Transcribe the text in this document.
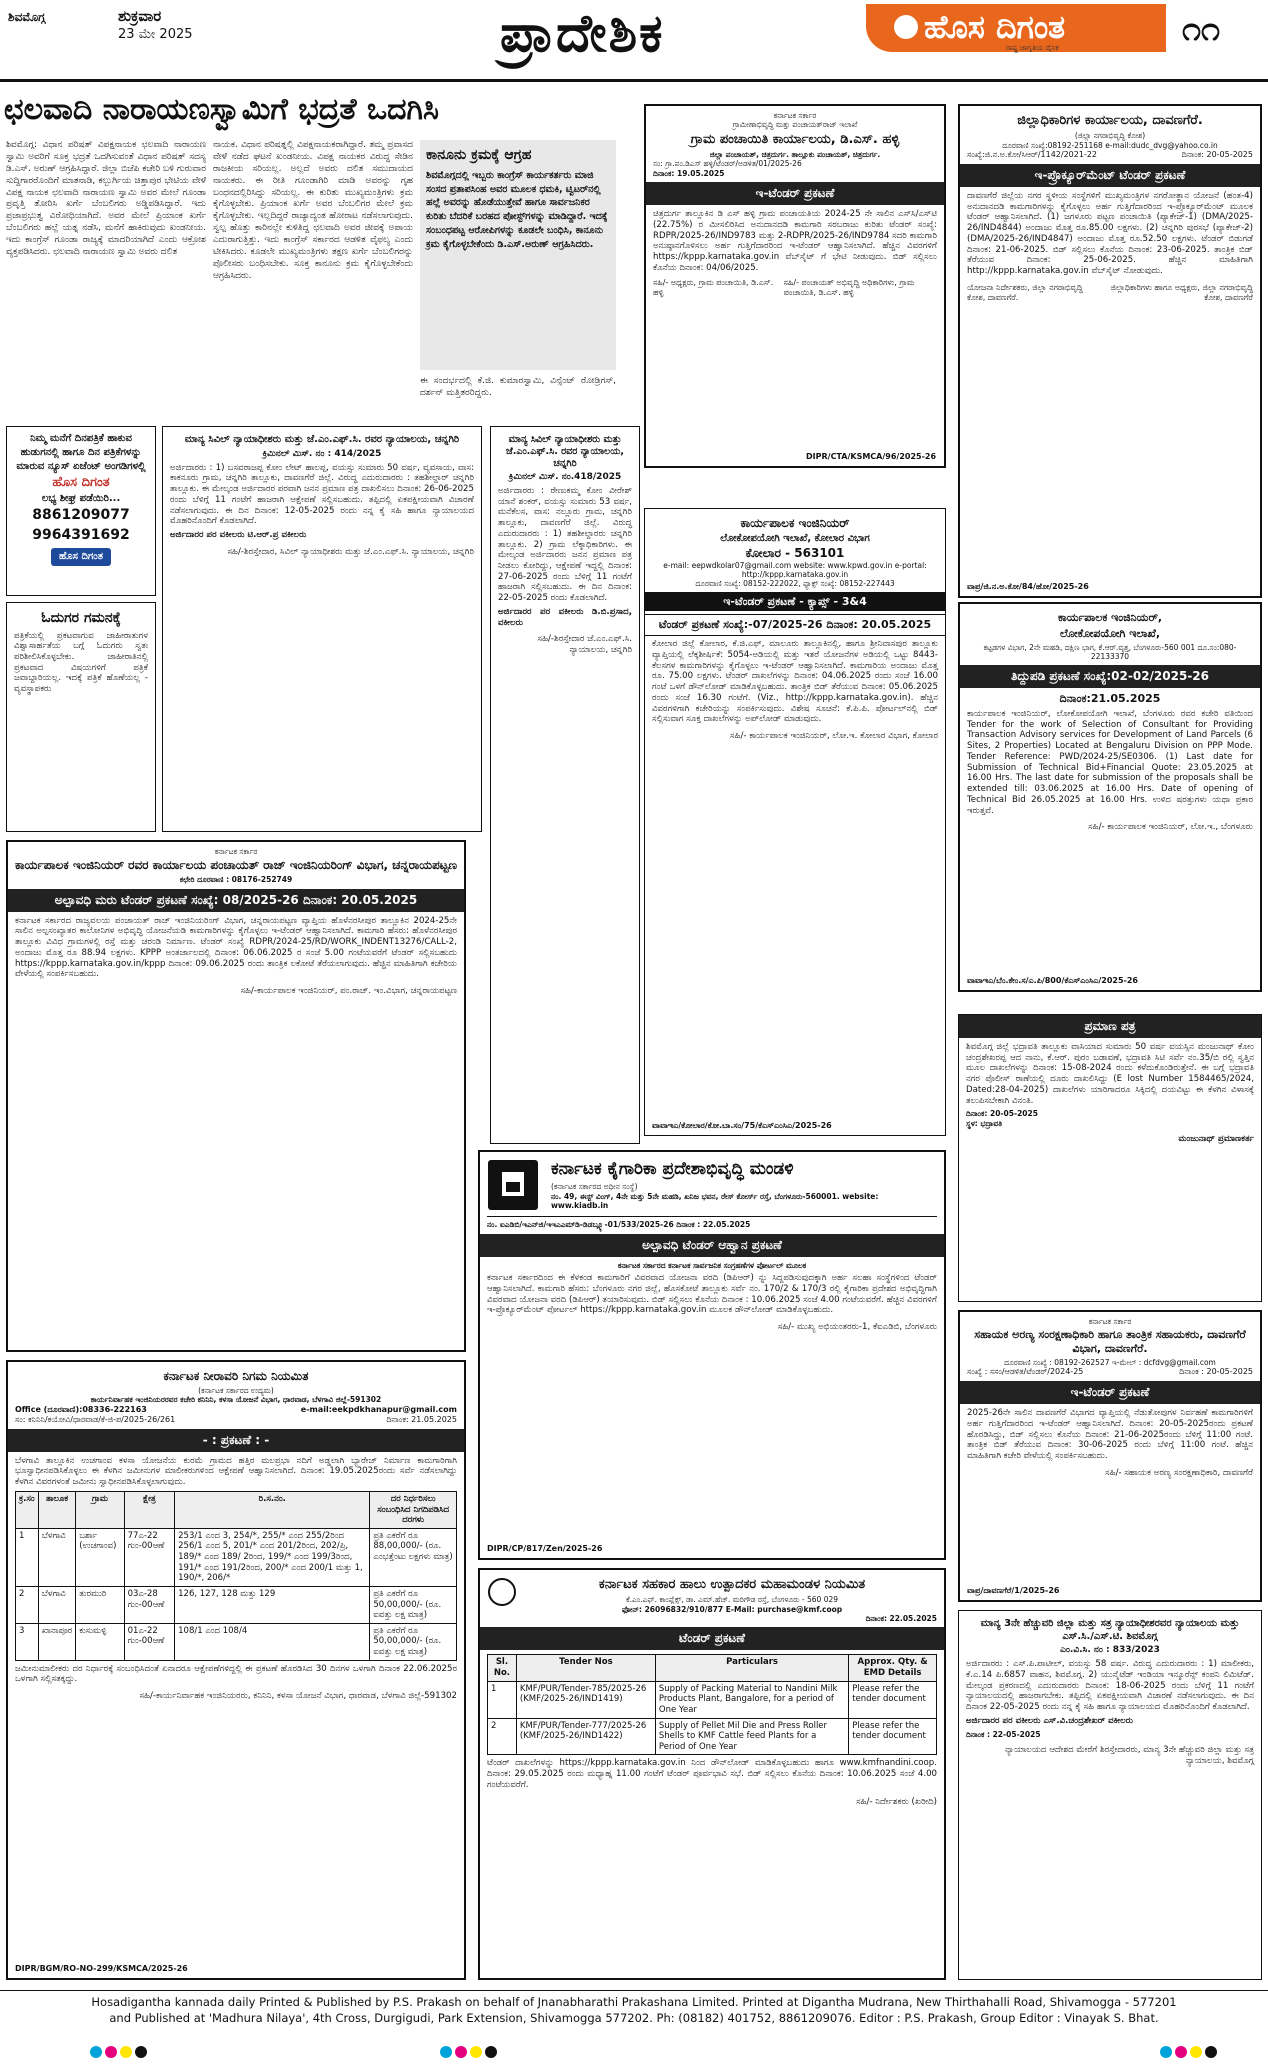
ಶಿವಮೊಗ್ಗ	ಶುಕ್ರವಾರ
23 ಮೇ 2025	ಪ್ರಾದೇಶಿಕ	ಹೊಸ ದಿಗಂತ
ರಾಷ್ಟ್ರ ಜಾಗೃತಿಯ ದೈನಿಕ	೧೧
ಛಲವಾದಿ ನಾರಾಯಣಸ್ವಾಮಿಗೆ ಭದ್ರತೆ ಒದಗಿಸಿ
ಶಿವಮೊಗ್ಗ: ವಿಧಾನ ಪರಿಷತ್ ವಿಪಕ್ಷನಾಯಕ ಛಲವಾದಿ ನಾರಾಯಣ ಸ್ವಾಮಿ ಅವರಿಗೆ ಸೂಕ್ತ ಭದ್ರತೆ ಒದಗಿಸುವಂತೆ ವಿಧಾನ ಪರಿಷತ್ ಸದಸ್ಯ ಡಿ.ಎಸ್. ಅರುಣ್ ಆಗ್ರಹಿಸಿದ್ದಾರೆ. ಜಿಲ್ಲಾ ಬಿಜೆಪಿ ಕಚೇರಿ ಬಳಿ ಗುರುವಾರ ಸುದ್ದಿಗಾರರೊಂದಿಗೆ ಮಾತನಾಡಿ, ಕಲ್ಬುರ್ಗಿಯ ಚಿತ್ತಾಪುರ ಭೇಟಿಯ ವೇಳೆ ವಿಪಕ್ಷ ನಾಯಕ ಛಲವಾದಿ ನಾರಾಯಣ ಸ್ವಾಮಿ ಅವರ ಮೇಲೆ ಗೂಂಡಾ ಪ್ರವೃತ್ತಿ ತೋರಿಸಿ ಖರ್ಗೆ ಬೆಂಬಲಿಗರು ಅಡ್ಡಿಪಡಿಸಿದ್ದಾರೆ. ಇದು ಪ್ರಜಾಪ್ರಭುತ್ವ ವಿರೋಧಿಯಾಗಿದೆ. ಅವರ ಮೇಲೆ ಪ್ರಿಯಾಂಕ ಖರ್ಗೆ ಬೆಂಬಲಿಗರು ಹಲ್ಲೆ ಯತ್ನ ನಡೆಸಿ, ಮನೆಗೆ ಹಾಕಿರುವುದು ಖಂಡನೀಯ. ಇದು ಕಾಂಗ್ರೆಸ್ ಗೂಂಡಾ ರಾಜ್ಯಕ್ಕೆ ಮಾದರಿಯಾಗಿದೆ ಎಂದು ಆಕ್ರೋಶ ವ್ಯಕ್ತಪಡಿಸಿದರು. ಛಲವಾದಿ ನಾರಾಯಣ ಸ್ವಾಮಿ ಅವರು ದಲಿತ
ನಾಯಕ. ವಿಧಾನ ಪರಿಷತ್ನಲ್ಲಿ ವಿಪಕ್ಷನಾಯಕರಾಗಿದ್ದಾರೆ. ತಮ್ಮ ಪ್ರವಾಸದ ವೇಳೆ ನಡೆದ ಘಟನೆ ಖಂಡನೀಯ. ವಿಪಕ್ಷ ನಾಯಕರ ವಿರುದ್ಧ ಸೇಡಿನ ರಾಜಕೀಯ ಸರಿಯಲ್ಲ. ಅಲ್ಲದೆ ಅವರು ದಲಿತ ಸಮುದಾಯದ ನಾಯಕರು. ಈ ರೀತಿ ಗೂಂಡಾಗಿರಿ ಮಾಡಿ ಅವರನ್ನು ಗೃಹ ಬಂಧನದಲ್ಲಿರಿಸಿದ್ದು ಸರಿಯಲ್ಲ. ಈ ಕುರಿತು ಮುಖ್ಯಮಂತ್ರಿಗಳು ಕ್ರಮ ಕೈಗೊಳ್ಳಬೇಕು. ಪ್ರಿಯಾಂಕ ಖರ್ಗೆ ಅವರ ಬೆಂಬಲಿಗರ ಮೇಲೆ ಕ್ರಮ ಕೈಗೊಳ್ಳಬೇಕು. ಇಲ್ಲದಿದ್ದರೆ ರಾಜ್ಯಾದ್ಯಂತ ಹೋರಾಟ ನಡೆಸಲಾಗುವುದು. ಸ್ವಲ್ಪ ಹೊತ್ತು ಕಾರಿನಲ್ಲೇ ಕುಳಿತಿದ್ದ ಛಲವಾದಿ ಅವರ ಜೀವಕ್ಕೆ ಅಪಾಯ ಎದುರಾಗುತ್ತಿತ್ತು. ಇದು ಕಾಂಗ್ರೆಸ್ ಸರ್ಕಾರದ ಆಡಳಿತ ವೈಫಲ್ಯ ಎಂದು ಟೀಕಿಸಿದರು. ಕೂಡಲೇ ಮುಖ್ಯಮಂತ್ರಿಗಳು ತಕ್ಷಣ ಖರ್ಗೆ ಬೆಂಬಲಿಗರನ್ನು ಪೊಲೀಸರು ಬಂಧಿಸಬೇಕು. ಸೂಕ್ತ ಕಾನೂನು ಕ್ರಮ ಕೈಗೊಳ್ಳಬೇಕೆಂದು ಆಗ್ರಹಿಸಿದರು.
ಕಾನೂನು ಕ್ರಮಕ್ಕೆ ಆಗ್ರಹ
ಶಿವಮೊಗ್ಗದಲ್ಲಿ ಇಬ್ಬರು ಕಾಂಗ್ರೆಸ್ ಕಾರ್ಯಕರ್ತರು ಮಾಜಿ ಸಂಸದ ಪ್ರತಾಪಸಿಂಹ ಅವರ ಮೂಲಕ ಧಮಕಿ, ಟ್ವಿಟರ್‌ನಲ್ಲಿ ಹಲ್ಲೆ ಅವರನ್ನು ಹೊಡೆಯುತ್ತೇವೆ ಹಾಗೂ ಸಾರ್ವಜನಿಕರ ಕುರಿತು ಬೆದರಿಕೆ ಬರಹದ ಪೋಸ್ಟ್‌ಗಳನ್ನು ಮಾಡಿದ್ದಾರೆ. ಇದಕ್ಕೆ ಸಂಬಂಧಪಟ್ಟ ಆರೋಪಿಗಳನ್ನು ಕೂಡಲೇ ಬಂಧಿಸಿ, ಕಾನೂನು ಕ್ರಮ ಕೈಗೊಳ್ಳಬೇಕೆಂದು ಡಿ.ಎಸ್.ಅರುಣ್ ಆಗ್ರಹಿಸಿದರು.
ಈ ಸಂದರ್ಭದಲ್ಲಿ ಕೆ.ಜಿ. ಕುಮಾರಸ್ವಾಮಿ, ವಿನ್ಸೆಂಟ್ ರೋಡ್ರಿಗಸ್, ದರ್ಶನ್ ಮತ್ತಿತರರಿದ್ದರು.
ನಿಮ್ಮ ಮನೆಗೆ ದಿನಪತ್ರಿಕೆ ಹಾಕುವ ಹುಡುಗನಲ್ಲಿ ಹಾಗೂ ದಿನ ಪತ್ರಿಕೆಗಳನ್ನು ಮಾರುವ ನ್ಯೂಸ್ ಏಜೆಂಟ್ ಅಂಗಡಿಗಳಲ್ಲಿ
ಹೊಸ ದಿಗಂತ
ಲಭ್ಯ ಶೀಘ್ರ ಪಡೆಯಿರಿ...
8861209077
9964391692
ಹೊಸ ದಿಗಂತ
ಓದುಗರ ಗಮನಕ್ಕೆ
ಪತ್ರಿಕೆಯಲ್ಲಿ ಪ್ರಕಟವಾಗುವ ಜಾಹೀರಾತುಗಳ ವಿಶ್ವಾಸಾರ್ಹತೆಯ ಬಗ್ಗೆ ಓದುಗರು ಸ್ವತಃ ಪರಿಶೀಲಿಸಿಕೊಳ್ಳಬೇಕು. ಜಾಹೀರಾತಿನಲ್ಲಿ ಪ್ರಕಟವಾದ ವಿಷಯಗಳಿಗೆ ಪತ್ರಿಕೆ ಜವಾಬ್ದಾರಿಯಲ್ಲ. ಇದಕ್ಕೆ ಪತ್ರಿಕೆ ಹೊಣೆಯಲ್ಲ - ವ್ಯವಸ್ಥಾಪಕರು
ಮಾನ್ಯ ಸಿವಿಲ್ ನ್ಯಾಯಾಧೀಶರು ಮತ್ತು ಜೆ.ಎಂ.ಎಫ್.ಸಿ. ರವರ ನ್ಯಾಯಾಲಯ, ಚನ್ನಗಿರಿ
ಕ್ರಿಮಿನಲ್ ಮಿಸ್. ನಂ : 414/2025
ಅರ್ಜಿದಾರರು : 1) ಬಸವರಾಜಪ್ಪ ಕೋಂ ಲೇಟ್ ಹಾಲಪ್ಪ, ವಯಸ್ಸು ಸುಮಾರು 50 ವರ್ಷ, ವ್ಯವಸಾಯ, ವಾಸ: ಕಾಕನೂರು ಗ್ರಾಮ, ಚನ್ನಗಿರಿ ತಾಲ್ಲೂಕು, ದಾವಣಗೆರೆ ಜಿಲ್ಲೆ. ವಿರುದ್ಧ ಎದುರುದಾರರು : ತಹಶೀಲ್ದಾರ್ ಚನ್ನಗಿರಿ ತಾಲ್ಲೂಕು. ಈ ಮೇಲ್ಕಂಡ ಅರ್ಜಿದಾರರ ಪರವಾಗಿ ಜನನ ಪ್ರಮಾಣ ಪತ್ರ ದಾಖಲಿಸಲು ದಿನಾಂಕ: 26-06-2025 ರಂದು ಬೆಳಿಗ್ಗೆ 11 ಗಂಟೆಗೆ ಹಾಜರಾಗಿ ಆಕ್ಷೇಪಣೆ ಸಲ್ಲಿಸಬಹುದು. ತಪ್ಪಿದಲ್ಲಿ ಏಕಪಕ್ಷೀಯವಾಗಿ ವಿಚಾರಣೆ ನಡೆಸಲಾಗುವುದು. ಈ ದಿನ ದಿನಾಂಕ: 12-05-2025 ರಂದು ನನ್ನ ಕೈ ಸಹಿ ಹಾಗೂ ನ್ಯಾಯಾಲಯದ ಮೊಹರಿನೊಂದಿಗೆ ಕೊಡಲಾಗಿದೆ.
ಅರ್ಜಿದಾರರ ಪರ ವಕೀಲರು ಟಿ.ಆರ್.ಪ್ರ ವಕೀಲರು
ಸಹಿ/-ಶಿರಸ್ತೇದಾರ, ಸಿವಿಲ್ ನ್ಯಾಯಾಧೀಶರು ಮತ್ತು ಜೆ.ಎಂ.ಎಫ್.ಸಿ. ನ್ಯಾಯಾಲಯ, ಚನ್ನಗಿರಿ
ಮಾನ್ಯ ಸಿವಿಲ್ ನ್ಯಾಯಾಧೀಶರು ಮತ್ತು ಜೆ.ಎಂ.ಎಫ್.ಸಿ. ರವರ ನ್ಯಾಯಾಲಯ, ಚನ್ನಗಿರಿ
ಕ್ರಿಮಿನಲ್ ಮಿಸ್. ನಂ.418/2025
ಅರ್ಜಿದಾರರು : ರೇಣುಕಮ್ಮ ಕೋಂ ವೀರೇಶ್ ಯಾನೆ ಶಂಕರ್, ವಯಸ್ಸು ಸುಮಾರು 53 ವರ್ಷ, ಮನೆಕೆಲಸ, ವಾಸ: ನಲ್ಲೂರು ಗ್ರಾಮ, ಚನ್ನಗಿರಿ ತಾಲ್ಲೂಕು, ದಾವಣಗೆರೆ ಜಿಲ್ಲೆ. ವಿರುದ್ಧ ಎದುರುದಾರರು : 1) ತಹಶೀಲ್ದಾರರು ಚನ್ನಗಿರಿ ತಾಲ್ಲೂಕು. 2) ಗ್ರಾಮ ಲೆಕ್ಕಾಧಿಕಾರಿಗಳು. ಈ ಮೇಲ್ಕಂಡ ಅರ್ಜಿದಾರರು ಜನನ ಪ್ರಮಾಣ ಪತ್ರ ನೀಡಲು ಕೋರಿದ್ದು, ಆಕ್ಷೇಪಣೆ ಇದ್ದಲ್ಲಿ ದಿನಾಂಕ: 27-06-2025 ರಂದು ಬೆಳಿಗ್ಗೆ 11 ಗಂಟೆಗೆ ಹಾಜರಾಗಿ ಸಲ್ಲಿಸಬಹುದು. ಈ ದಿನ ದಿನಾಂಕ: 22-05-2025 ರಂದು ಕೊಡಲಾಗಿದೆ.
ಅರ್ಜಿದಾರರ ಪರ ವಕೀಲರು ಡಿ.ಬಿ.ಪ್ರಸಾದ, ವಕೀಲರು
ಸಹಿ/-ಶಿರಸ್ತೇದಾರ ಜೆ.ಎಂ.ಎಫ್.ಸಿ. ನ್ಯಾಯಾಲಯ, ಚನ್ನಗಿರಿ
ಕರ್ನಾಟಕ ಸರ್ಕಾರ
ಗ್ರಾಮೀಣಾಭಿವೃದ್ಧಿ ಮತ್ತು ಪಂಚಾಯತ್‌ರಾಜ್ ಇಲಾಖೆ
ಗ್ರಾಮ ಪಂಚಾಯಿತಿ ಕಾರ್ಯಾಲಯ, ಡಿ.ಎಸ್. ಹಳ್ಳಿ
ಜಿಲ್ಲಾ ಪಂಚಾಯತ್, ಚಿತ್ರದುರ್ಗ. ತಾಲ್ಲೂಕು ಪಂಚಾಯತ್, ಚಿತ್ರದುರ್ಗ.
ಸಂ: ಗ್ರಾ.ಪಂ.ಡಿಎಸ್ ಹಳ್ಳಿ/ಟೆಂಡರ್/ಅಡಳಿತ/01/2025-26
ದಿನಾಂಕ: 19.05.2025
ಇ-ಟೆಂಡರ್ ಪ್ರಕಟಣೆ
ಚಿತ್ರದುರ್ಗ ತಾಲ್ಲೂಕಿನ ಡಿ ಎಸ್ ಹಳ್ಳಿ ಗ್ರಾಮ ಪಂಚಾಯತಿಯ 2024-25 ನೇ ಸಾಲಿನ ಎಸ್‌ಸಿ/ಎಸ್‌ಟಿ (22.75%) ರ ಮೀಸಲಿರಿಸಿದ ಅನುದಾನದಡಿ ಕಾಮಗಾರಿ ಸರಬರಾಜು ಕುರಿತು ಟೆಂಡರ್ ಸಂಖ್ಯೆ: RDPR/2025-26/IND9783 ಮತ್ತು 2-RDPR/2025-26/IND9784 ಸದರಿ ಕಾಮಗಾರಿ ಅನುಷ್ಠಾನಗೊಳಿಸಲು ಅರ್ಹ ಗುತ್ತಿಗೆದಾರರಿಂದ ಇ-ಟೆಂಡರ್ ಆಹ್ವಾನಿಸಲಾಗಿದೆ. ಹೆಚ್ಚಿನ ವಿವರಗಳಿಗೆ https://kppp.karnataka.gov.in ವೆಬ್‌ಸೈಟ್ ಗೆ ಭೇಟಿ ನೀಡುವುದು. ಬಿಡ್ ಸಲ್ಲಿಸಲು ಕೊನೆಯ ದಿನಾಂಕ: 04/06/2025.
ಸಹಿ/- ಅಧ್ಯಕ್ಷರು, ಗ್ರಾಮ ಪಂಚಾಯಿತಿ, ಡಿ.ಎಸ್. ಹಳ್ಳಿ
ಸಹಿ/- ಪಂಚಾಯತ್ ಅಭಿವೃದ್ಧಿ ಅಧಿಕಾರಿಗಳು, ಗ್ರಾಮ ಪಂಚಾಯಿತಿ, ಡಿ.ಎಸ್. ಹಳ್ಳಿ
DIPR/CTA/KSMCA/96/2025-26
ಜಿಲ್ಲಾಧಿಕಾರಿಗಳ ಕಾರ್ಯಾಲಯ, ದಾವಣಗೆರೆ.
(ಜಿಲ್ಲಾ ನಗರಾಭಿವೃದ್ಧಿ ಕೋಶ)
ದೂರವಾಣಿ ಸಂಖ್ಯೆ:08192-251168 e-mail:dudc_dvg@yahoo.co.in
ಸಂಖ್ಯೆ:ಜಿ.ನ.ಅ.ಕೋ/ಸಿಆರ್/1142/2021-22	ದಿನಾಂಕ: 20-05-2025
ಇ-ಪ್ರೊಕ್ಯೂರ್‌ಮೆಂಟ್ ಟೆಂಡರ್ ಪ್ರಕಟಣೆ
ದಾವಣಗೆರೆ ಜಿಲ್ಲೆಯ ನಗರ ಸ್ಥಳೀಯ ಸಂಸ್ಥೆಗಳಿಗೆ ಮುಖ್ಯಮಂತ್ರಿಗಳ ನಗರೋತ್ಥಾನ ಯೋಜನೆ (ಹಂತ-4) ಅನುದಾನದಡಿ ಕಾಮಗಾರಿಗಳನ್ನು ಕೈಗೊಳ್ಳಲು ಅರ್ಹ ಗುತ್ತಿಗೆದಾರರಿಂದ ಇ-ಪ್ರೊಕ್ಯೂರ್‌ಮೆಂಟ್ ಮೂಲಕ ಟೆಂಡರ್ ಆಹ್ವಾನಿಸಲಾಗಿದೆ. (1) ಜಗಳೂರು ಪಟ್ಟಣ ಪಂಚಾಯಿತಿ (ಪ್ಯಾಕೇಜ್-1) (DMA/2025-26/IND4844) ಅಂದಾಜು ಮೊತ್ತ ರೂ.85.00 ಲಕ್ಷಗಳು. (2) ಚನ್ನಗಿರಿ ಪುರಸಭೆ (ಪ್ಯಾಕೇಜ್-2) (DMA/2025-26/IND4847) ಅಂದಾಜು ಮೊತ್ತ ರೂ.52.50 ಲಕ್ಷಗಳು. ಟೆಂಡರ್ ಬಿಡುಗಡೆ ದಿನಾಂಕ: 21-06-2025. ಬಿಡ್ ಸಲ್ಲಿಸಲು ಕೊನೆಯ ದಿನಾಂಕ: 23-06-2025. ತಾಂತ್ರಿಕ ಬಿಡ್ ತೆರೆಯುವ ದಿನಾಂಕ: 25-06-2025. ಹೆಚ್ಚಿನ ಮಾಹಿತಿಗಾಗಿ http://kppp.karnataka.gov.in ವೆಬ್‌ಸೈಟ್ ನೋಡುವುದು.
ಯೋಜನಾ ನಿರ್ದೇಶಕರು, ಜಿಲ್ಲಾ ನಗರಾಭಿವೃದ್ಧಿ ಕೋಶ, ದಾವಣಗೆರೆ.
ಜಿಲ್ಲಾಧಿಕಾರಿಗಳು ಹಾಗೂ ಅಧ್ಯಕ್ಷರು, ಜಿಲ್ಲಾ ನಗರಾಭಿವೃದ್ಧಿ ಕೋಶ, ದಾವಣಗೆರೆ
ವಾಪ್ರ/ಜಿ.ನ.ಅ.ಕೋ/84/ಹೋ/2025-26
ಕಾರ್ಯಪಾಲಕ ಇಂಜಿನಿಯರ್
ಲೋಕೋಪಯೋಗಿ ಇಲಾಖೆ, ಕೋಲಾರ ವಿಭಾಗ
ಕೋಲಾರ - 563101
e-mail: eepwdkolar07@gmail.com website: www.kpwd.gov.in e-portal: http://kppp.karnataka.gov.in
ದೂರವಾಣಿ ಸಂಖ್ಯೆ: 08152-222022, ಫ್ಯಾಕ್ಸ್ ಸಂಖ್ಯೆ: 08152-227443
ಇ-ಟೆಂಡರ್ ಪ್ರಕಟಣೆ - ಕ್ಯಾಪ್ಸ್ - 3&4
ಟೆಂಡರ್ ಪ್ರಕಟಣೆ ಸಂಖ್ಯೆ:-07/2025-26 ದಿನಾಂಕ: 20.05.2025
ಕೋಲಾರ ಜಿಲ್ಲೆ ಕೋಲಾರ, ಕೆ.ಜಿ.ಎಫ್, ಮಾಲೂರು ತಾಲ್ಲೂಕಿನಲ್ಲಿ, ಹಾಗೂ ಶ್ರೀನಿವಾಸಪುರ ತಾಲ್ಲೂಕು ವ್ಯಾಪ್ತಿಯಲ್ಲಿ ಲೆಕ್ಕಶೀರ್ಷಿಕೆ: 5054-ಅಡಿಯಲ್ಲಿ ಮತ್ತು ಇತರೆ ಯೋಜನೆಗಳ ಅಡಿಯಲ್ಲಿ ಒಟ್ಟು 8443- ಕೆಲಸಗಳ ಕಾಮಗಾರಿಗಳನ್ನು ಕೈಗೊಳ್ಳಲು ಇ-ಟೆಂಡರ್ ಆಹ್ವಾನಿಸಲಾಗಿದೆ. ಕಾಮಗಾರಿಯ ಅಂದಾಜು ಮೊತ್ತ ರೂ. 75.00 ಲಕ್ಷಗಳು. ಟೆಂಡರ್ ದಾಖಲೆಗಳನ್ನು ದಿನಾಂಕ: 04.06.2025 ರಂದು ಸಂಜೆ 16.00 ಗಂಟೆ ಒಳಗೆ ಡೌನ್‌ಲೋಡ್ ಮಾಡಿಕೊಳ್ಳಬಹುದು. ತಾಂತ್ರಿಕ ಬಿಡ್ ತೆರೆಯುವ ದಿನಾಂಕ: 05.06.2025 ರಂದು ಸಂಜೆ 16.30 ಗಂಟೆಗೆ. (Viz., http://kppp.karnataka.gov.in). ಹೆಚ್ಚಿನ ವಿವರಗಳಿಗಾಗಿ ಕಚೇರಿಯನ್ನು ಸಂಪರ್ಕಿಸುವುದು. ವಿಶೇಷ ಸೂಚನೆ: ಕೆ.ಪಿ.ಪಿ. ಪೋರ್ಟಲ್‌ನಲ್ಲಿ ಬಿಡ್ ಸಲ್ಲಿಸುವಾಗ ಸೂಕ್ತ ದಾಖಲೆಗಳನ್ನು ಅಪ್‌ಲೋಡ್ ಮಾಡುವುದು.
ಸಹಿ/- ಕಾರ್ಯಪಾಲಕ ಇಂಜಿನಿಯರ್, ಲೋ.ಇ. ಕೋಲಾರ ವಿಭಾಗ, ಕೋಲಾರ
ವಾವಾಇಎ/ಕೋಲಾರ/ಕೋ.ಬಾ.ಸಂ/75/ಕೆಎಸ್ಎಂಸಿಎ/2025-26
ಕಾರ್ಯಪಾಲಕ ಇಂಜಿನಿಯರ್,
ಲೋಕೋಪಯೋಗಿ ಇಲಾಖೆ,
ಕಟ್ಟಡಗಳ ವಿಭಾಗ, 2ನೇ ಮಹಡಿ, ದಕ್ಷಿಣ ಭಾಗ, ಕೆ.ಆರ್.ವೃತ್ತ, ಬೆಂಗಳೂರು-560 001 ದೂ.ಸಂ:080-22133370
ತಿದ್ದುಪಡಿ ಪ್ರಕಟಣೆ ಸಂಖ್ಯೆ:02-02/2025-26
ದಿನಾಂಕ:21.05.2025
ಕಾರ್ಯಪಾಲಕ ಇಂಜಿನಿಯರ್, ಲೋಕೋಪಯೋಗಿ ಇಲಾಖೆ, ಬೆಂಗಳೂರು ರವರ ಕಚೇರಿ ವತಿಯಿಂದ Tender for the work of Selection of Consultant for Providing Transaction Advisory services for Development of Land Parcels (6 Sites, 2 Properties) Located at Bengaluru Division on PPP Mode. Tender Reference: PWD/2024-25/SE0306. (1) Last date for Submission of Technical Bid+Financial Quote: 23.05.2025 at 16.00 Hrs. The last date for submission of the proposals shall be extended till: 03.06.2025 at 16.00 Hrs. Date of opening of Technical Bid 26.05.2025 at 16.00 Hrs. ಉಳಿದ ಷರತ್ತುಗಳು ಯಥಾ ಪ್ರಕಾರ ಇರುತ್ತವೆ.
ಸಹಿ/- ಕಾರ್ಯಪಾಲಕ ಇಂಜಿನಿಯರ್, ಲೋ.ಇ., ಬೆಂಗಳೂರು
ವಾವಾಇಎ/ಬೆಂ.ಕೇಂ.ಸ/ಎ.ಪಿ/800/ಕೆಎಸ್ಎಂಸಿಎ/2025-26
ಪ್ರಮಾಣ ಪತ್ರ
ಶಿವಮೊಗ್ಗ ಜಿಲ್ಲೆ ಭದ್ರಾವತಿ ತಾಲ್ಲೂಕು ವಾಸಿಯಾದ ಸುಮಾರು 50 ವರ್ಷ ವಯಸ್ಸಿನ ಮಂಜುನಾಥ್ ಕೋಂ ಚಂದ್ರಶೇಖರಪ್ಪ ಆದ ನಾನು, ಕೆ.ಆರ್. ಪುರಂ ಬಡಾವಣೆ, ಭದ್ರಾವತಿ ಸಿಟಿ ಸರ್ವೆ ನಂ.35/ಬಿ ರಲ್ಲಿ ಸ್ವತ್ತಿನ ಮೂಲ ದಾಖಲೆಗಳನ್ನು ದಿನಾಂಕ: 15-08-2024 ರಂದು ಕಳೆದುಕೊಂಡಿರುತ್ತೇನೆ. ಈ ಬಗ್ಗೆ ಭದ್ರಾವತಿ ನಗರ ಪೊಲೀಸ್ ಠಾಣೆಯಲ್ಲಿ ದೂರು ದಾಖಲಿಸಿದ್ದು (E lost Number 1584465/2024, Dated:28-04-2025) ದಾಖಲೆಗಳು ಯಾರಿಗಾದರೂ ಸಿಕ್ಕಿದಲ್ಲಿ ದಯವಿಟ್ಟು ಈ ಕೆಳಗಿನ ವಿಳಾಸಕ್ಕೆ ತಲುಪಿಸಬೇಕಾಗಿ ವಿನಂತಿ.
ದಿನಾಂಕ: 20-05-2025
ಸ್ಥಳ: ಭದ್ರಾವತಿ
ಮಂಜುನಾಥ್ ಪ್ರಮಾಣಕರ್ತ
ಕರ್ನಾಟಕ ಸರ್ಕಾರ
ಕಾರ್ಯಪಾಲಕ ಇಂಜಿನಿಯರ್ ರವರ ಕಾರ್ಯಾಲಯ ಪಂಚಾಯತ್ ರಾಜ್ ಇಂಜಿನಿಯರಿಂಗ್ ವಿಭಾಗ, ಚನ್ನರಾಯಪಟ್ಟಣ
ಕಛೇರಿ ದೂರವಾಣಿ : 08176-252749
ಅಲ್ಪಾವಧಿ ಮರು ಟೆಂಡರ್ ಪ್ರಕಟಣೆ ಸಂಖ್ಯೆ: 08/2025-26 ದಿನಾಂಕ: 20.05.2025
ಕರ್ನಾಟಕ ಸರ್ಕಾರದ ರಾಜ್ಯವಲಯ ಪಂಚಾಯತ್ ರಾಜ್ ಇಂಜಿನಿಯರಿಂಗ್ ವಿಭಾಗ, ಚನ್ನರಾಯಪಟ್ಟಣ ವ್ಯಾಪ್ತಿಯ ಹೊಳೆನರಸೀಪುರ ತಾಲ್ಲೂಕಿನ 2024-25ನೇ ಸಾಲಿನ ಅಲ್ಪಸಂಖ್ಯಾತರ ಕಾಲೋನಿಗಳ ಅಭಿವೃದ್ಧಿ ಯೋಜನೆಯಡಿ ಕಾಮಗಾರಿಗಳನ್ನು ಕೈಗೊಳ್ಳಲು ಇ-ಟೆಂಡರ್ ಆಹ್ವಾನಿಸಲಾಗಿದೆ. ಕಾಮಗಾರಿ ಹೆಸರು: ಹೊಳೆನರಸೀಪುರ ತಾಲ್ಲೂಕು ವಿವಿಧ ಗ್ರಾಮಗಳಲ್ಲಿ ರಸ್ತೆ ಮತ್ತು ಚರಂಡಿ ನಿರ್ಮಾಣ. ಟೆಂಡರ್ ಸಂಖ್ಯೆ RDPR/2024-25/RD/WORK_INDENT13276/CALL-2, ಅಂದಾಜು ಮೊತ್ತ ರೂ 88.94 ಲಕ್ಷಗಳು. KPPP ಅಂತರ್ಜಾಲದಲ್ಲಿ ದಿನಾಂಕ: 06.06.2025 ರ ಸಂಜೆ 5.00 ಗಂಟೆಯವರೆಗೆ ಟೆಂಡರ್ ಸಲ್ಲಿಸಬಹುದು https://kppp.karnataka.gov.in/kppp ದಿನಾಂಕ: 09.06.2025 ರಂದು ತಾಂತ್ರಿಕ ಲಕೋಟೆ ತೆರೆಯಲಾಗುವುದು. ಹೆಚ್ಚಿನ ಮಾಹಿತಿಗಾಗಿ ಕಚೇರಿಯ ವೇಳೆಯಲ್ಲಿ ಸಂಪರ್ಕಿಸಬಹುದು.
ಸಹಿ/-ಕಾರ್ಯಪಾಲಕ ಇಂಜಿನಿಯರ್, ಪಂ.ರಾಜ್. ಇಂ.ವಿಭಾಗ, ಚನ್ನರಾಯಪಟ್ಟಣ
ಕರ್ನಾಟಕ ಕೈಗಾರಿಕಾ ಪ್ರದೇಶಾಭಿವೃದ್ಧಿ ಮಂಡಳಿ
(ಕರ್ನಾಟಕ ಸರ್ಕಾರದ ಅಧೀನ ಸಂಸ್ಥೆ)
ನಂ. 49, ಈಸ್ಟ್ ವಿಂಗ್, 4ನೇ ಮತ್ತು 5ನೇ ಮಹಡಿ, ಖನಿಜ ಭವನ, ರೇಸ್ ಕೋರ್ಸ್ ರಸ್ತೆ, ಬೆಂಗಳೂರು-560001. website: www.kiadb.in
ನಂ. ಐಎಡಿಬಿ/ಇಎನ್‌ಜಿ/ಇಇಎಎಮ್‌ಡಿ-ಡಿಡಬ್ಲ್ಯೂ-01/533/2025-26 ದಿನಾಂಕ : 22.05.2025
ಅಲ್ಪಾವಧಿ ಟೆಂಡರ್ ಆಹ್ವಾನ ಪ್ರಕಟಣೆ
ಕರ್ನಾಟಕ ಸರ್ಕಾರದ ಕರ್ನಾಟಕ ಸಾರ್ವಜನಿಕ ಸಂಗ್ರಹಣೆಗಳ ಪೋರ್ಟಲ್ ಮೂಲಕ
ಕರ್ನಾಟಕ ಸರ್ಕಾರದಿಂದ ಈ ಕೆಳಕಂಡ ಕಾಮಗಾರಿಗೆ ವಿವರವಾದ ಯೋಜನಾ ವರದಿ (ಡಿಪಿಆರ್) ನ್ನು ಸಿದ್ದಪಡಿಸುವುದಕ್ಕಾಗಿ ಅರ್ಹ ಸಲಹಾ ಸಂಸ್ಥೆಗಳಿಂದ ಟೆಂಡರ್ ಆಹ್ವಾನಿಸಲಾಗಿದೆ. ಕಾಮಗಾರಿ ಹೆಸರು: ಬೆಂಗಳೂರು ನಗರ ಜಿಲ್ಲೆ, ಹೊಸಕೋಟೆ ತಾಲ್ಲೂಕು ಸರ್ವೆ ನಂ. 170/2 & 170/3 ರಲ್ಲಿ ಕೈಗಾರಿಕಾ ಪ್ರದೇಶದ ಅಭಿವೃದ್ಧಿಗಾಗಿ ವಿವರವಾದ ಯೋಜನಾ ವರದಿ (ಡಿಪಿಆರ್) ತಯಾರಿಸುವುದು. ಬಿಡ್ ಸಲ್ಲಿಸಲು ಕೊನೆಯ ದಿನಾಂಕ : 10.06.2025 ಸಂಜೆ 4.00 ಗಂಟೆಯವರೆಗೆ. ಹೆಚ್ಚಿನ ವಿವರಗಳಿಗೆ ಇ-ಪ್ರೊಕ್ಯೂರ್‌ಮೆಂಟ್ ಪೋರ್ಟಲ್ https://kppp.karnataka.gov.in ಮೂಲಕ ಡೌನ್‌ಲೋಡ್ ಮಾಡಿಕೊಳ್ಳಬಹುದು.
ಸಹಿ/- ಮುಖ್ಯ ಅಭಿಯಂತರರು-1, ಕೆಐಎಡಿಬಿ, ಬೆಂಗಳೂರು
DIPR/CP/817/Zen/2025-26
ಕರ್ನಾಟಕ ನೀರಾವರಿ ನಿಗಮ ನಿಯಮಿತ
(ಕರ್ನಾಟಕ ಸರ್ಕಾರದ ಉದ್ಯಮ)
ಕಾರ್ಯನಿರ್ವಾಹಕ ಇಂಜಿನಿಯರರವರ ಕಚೇರಿ ಕನಿನಿನಿ, ಕಳಸಾ ಯೋಜನೆ ವಿಭಾಗ, ಧಾರವಾಡ, ಬೆಳಗಾವಿ ಜಿಲ್ಲೆ-591302
Office (ದೂರವಾಣಿ):08336-222163	e-mail:eekpdkhanapur@gmail.com
ಸಂ: ಕನಿನಿನಿ/ಕಯೋವಿ/ಧಾರವಾಡ/ಕೆ-ಜಿ-ಪ/2025-26/261	ದಿನಾಂಕ: 21.05.2025
- : ಪ್ರಕಟಣೆ : -
ಬೆಳಗಾವಿ ತಾಲ್ಲೂಕಿನ ಉಚಗಾಂವ ಕಳಸಾ ಯೋಜನೆಯ ಕುರಮೆ ಗ್ರಾಮದ ಹತ್ತಿರ ಮಲಪ್ರಭಾ ನದಿಗೆ ಅಡ್ಡಲಾಗಿ ಬ್ಯಾರೇಜ್ ನಿರ್ಮಾಣ ಕಾಮಗಾರಿಗಾಗಿ ಭೂಸ್ವಾಧೀನಪಡಿಸಿಕೊಳ್ಳಲು ಈ ಕೆಳಗಿನ ಜಮೀನುಗಳ ಮಾಲೀಕರುಗಳಿಂದ ಆಕ್ಷೇಪಣೆ ಆಹ್ವಾನಿಸಲಾಗಿದೆ. ದಿನಾಂಕ: 19.05.2025ರಂದು ಸರ್ವೆ ನಡೆಸಲಾಗಿದ್ದು ಕೆಳಗಿನ ವಿವರಗಳಂತೆ ಜಮೀನು ಸ್ವಾಧೀನಪಡಿಸಿಕೊಳ್ಳಲಾಗುವುದು.
ಕ್ರ.ಸಂ	ತಾಲೂಕ	ಗ್ರಾಮ	ಕ್ಷೇತ್ರ	ರಿ.ಸ.ನಂ.	ದರ ನಿರ್ಧರಿಸಲು ಸಂಬಂಧಿಸಿದ ನಿಗದಿಪಡಿಸಿದ ದರಗಳು
1	ಬೆಳಗಾವಿ	ಬರ್ಶಾ (ಉಚಗಾಂವ)	77ಎ-22 ಗುಂ-00ಆಣೆ	253/1 ಎಂದ 3, 254/*, 255/* ಎಂದ 255/2ರಿಂದ 256/1 ಎಂದ 5, 201/* ಎಂದ 201/2ರಿಂದ, 202/ಪ್ರಿ, 189/* ಎಂದ 189/ 2ರಿಂದ, 199/* ಎಂದ 199/3ರಿಂದ, 191/* ಎಂದ 191/2ರಿಂದ, 200/* ಎಂದ 200/1 ಮತ್ತು 1, 190/*, 206/*	ಪ್ರತಿ ಎಕರೆಗೆ ರೂ 88,00,000/- (ರೂ. ಎಂಭತ್ತೆಂಟು ಲಕ್ಷಗಳು ಮಾತ್ರ)
2	ಬೆಳಗಾವಿ	ತುರಮುರಿ	03ಎ-28 ಗುಂ-00ಆಣೆ	126, 127, 128 ಮತ್ತು 129	ಪ್ರತಿ ಎಕರೆಗೆ ರೂ 50,00,000/- (ರೂ. ಐವತ್ತು ಲಕ್ಷ ಮಾತ್ರ)
3	ಖಾನಾಪೂರ	ಕುಸುಮಳ್ಳಿ	01ಎ-22 ಗುಂ-00ಆಣೆ	108/1 ಎಂದ 108/4	ಪ್ರತಿ ಎಕರೆಗೆ ರೂ 50,00,000/- (ರೂ. ಐವತ್ತು ಲಕ್ಷ ಮಾತ್ರ)
ಜಮೀನುಮಾಲೀಕರು ದರ ನಿರ್ಧಾರಕ್ಕೆ ಸಂಬಂಧಿಸಿದಂತೆ ಏನಾದರೂ ಆಕ್ಷೇಪಣೆಗಳಿದ್ದಲ್ಲಿ ಈ ಪ್ರಕಟಣೆ ಹೊರಡಿಸಿದ 30 ದಿನಗಳ ಒಳಗಾಗಿ ದಿನಾಂಕ 22.06.2025ರ ಒಳಗಾಗಿ ಸಲ್ಲಿಸತಕ್ಕದ್ದು.
ಸಹಿ/-ಕಾರ್ಯನಿರ್ವಾಹಕ ಇಂಜಿನಿಯರರು, ಕನಿನಿನಿ, ಕಳಸಾ ಯೋಜನೆ ವಿಭಾಗ, ಧಾರವಾಡ, ಬೆಳಗಾವಿ ಜಿಲ್ಲೆ-591302
DIPR/BGM/RO-NO-299/KSMCA/2025-26
ಕರ್ನಾಟಕ ಸಹಕಾರ ಹಾಲು ಉತ್ಪಾದಕರ ಮಹಾಮಂಡಳ ನಿಯಮಿತ
ಕೆ.ಎಂ.ಎಫ್. ಕಾಂಪ್ಲೆಕ್ಸ್, ಡಾ. ಎಮ್.ಹೆಚ್. ಮರಿಗೌಡ ರಸ್ತೆ, ಬೆಂಗಳೂರು - 560 029
ಫೋನ್: 26096832/910/877 E-Mail: purchase@kmf.coop
ದಿನಾಂಕ: 22.05.2025
ಟೆಂಡರ್ ಪ್ರಕಟಣೆ
Sl. No.	Tender Nos	Particulars	Approx. Qty. & EMD Details
1	KMF/PUR/Tender-785/2025-26 (KMF/2025-26/IND1419)	Supply of Packing Material to Nandini Milk Products Plant, Bangalore, for a period of One Year	Please refer the tender document
2	KMF/PUR/Tender-777/2025-26 (KMF/2025-26/IND1422)	Supply of Pellet Mil Die and Press Roller Shells to KMF Cattle feed Plants for a Period of One Year	Please refer the tender document
ಟೆಂಡರ್ ದಾಖಲೆಗಳನ್ನು https://kppp.karnataka.gov.in ನಿಂದ ಡೌನ್‌ಲೋಡ್ ಮಾಡಿಕೊಳ್ಳಬಹುದು ಹಾಗೂ www.kmfnandini.coop. ದಿನಾಂಕ: 29.05.2025 ರಂದು ಮಧ್ಯಾಹ್ನ 11.00 ಗಂಟೆಗೆ ಟೆಂಡರ್ ಪೂರ್ವಭಾವಿ ಸಭೆ. ಬಿಡ್ ಸಲ್ಲಿಸಲು ಕೊನೆಯ ದಿನಾಂಕ: 10.06.2025 ಸಂಜೆ 4.00 ಗಂಟೆಯವರೆಗೆ.
ಸಹಿ/- ನಿರ್ದೇಶಕರು (ಖರೀದಿ)
ಕರ್ನಾಟಕ ಸರ್ಕಾರ
ಸಹಾಯಕ ಅರಣ್ಯ ಸಂರಕ್ಷಣಾಧಿಕಾರಿ ಹಾಗೂ ತಾಂತ್ರಿಕ ಸಹಾಯಕರು, ದಾವಣಗೆರೆ ವಿಭಾಗ, ದಾವಣಗೆರೆ.
ದೂರವಾಣಿ ಸಂಖ್ಯೆ : 08192-262527 ಇ-ಮೇಲ್ : dcfdvg@gmail.com
ಸಂಖ್ಯೆ : ಸಸಂ/ಆಡಳಿತ/ಟೆಂಡರ್/2024-25	ದಿನಾಂಕ : 20-05-2025
ಇ-ಟೆಂಡರ್ ಪ್ರಕಟಣೆ
2025-26ನೇ ಸಾಲಿನ ದಾವಣಗೆರೆ ವಿಭಾಗದ ವ್ಯಾಪ್ತಿಯಲ್ಲಿ ನೆಡುತೋಪುಗಳ ನಿರ್ವಹಣೆ ಕಾಮಗಾರಿಗಳಿಗೆ ಅರ್ಹ ಗುತ್ತಿಗೆದಾರರಿಂದ ಇ-ಟೆಂಡರ್ ಆಹ್ವಾನಿಸಲಾಗಿದೆ. ದಿನಾಂಕ: 20-05-2025ರಂದು ಪ್ರಕಟಣೆ ಹೊರಡಿಸಿದ್ದು, ಬಿಡ್ ಸಲ್ಲಿಸಲು ಕೊನೆಯ ದಿನಾಂಕ: 21-06-2025ರಂದು ಬೆಳಿಗ್ಗೆ 11:00 ಗಂಟೆ. ತಾಂತ್ರಿಕ ಬಿಡ್ ತೆರೆಯುವ ದಿನಾಂಕ: 30-06-2025 ರಂದು ಬೆಳಿಗ್ಗೆ 11:00 ಗಂಟೆ. ಹೆಚ್ಚಿನ ಮಾಹಿತಿಗಾಗಿ ಕಚೇರಿ ವೇಳೆಯಲ್ಲಿ ಸಂಪರ್ಕಿಸಬಹುದು.
ಸಹಿ/- ಸಹಾಯಕ ಅರಣ್ಯ ಸಂರಕ್ಷಣಾಧಿಕಾರಿ, ದಾವಣಗೆರೆ
ವಾಪ್ರ/ದಾವಣಗೆರೆ/1/2025-26
ಮಾನ್ಯ 3ನೇ ಹೆಚ್ಚುವರಿ ಜಿಲ್ಲಾ ಮತ್ತು ಸತ್ರ ನ್ಯಾಯಾಧೀಶರವರ ನ್ಯಾಯಾಲಯ ಮತ್ತು ಎಸ್.ಸಿ./ಎಸ್.ಟಿ. ಶಿವಮೊಗ್ಗ
ಎಂ.ವಿ.ಸಿ. ನಂ : 833/2023
ಅರ್ಜಿದಾರರು : ಎಸ್.ಪಿ.ಪಾಟೀಲ್, ವಯಸ್ಸು 58 ವರ್ಷ. ವಿರುದ್ಧ ಎದುರುದಾರರು : 1) ಮಾಲೀಕರು, ಕೆ.ಎ.14 ಪಿ.6857 ವಾಹನ, ಶಿವಮೊಗ್ಗ. 2) ಯುನೈಟೆಡ್ ಇಂಡಿಯಾ ಇನ್ಶೂರೆನ್ಸ್ ಕಂಪನಿ ಲಿಮಿಟೆಡ್. ಮೇಲ್ಕಂಡ ಪ್ರಕರಣದಲ್ಲಿ ಎದುರುದಾರರು ದಿನಾಂಕ: 18-06-2025 ರಂದು ಬೆಳಿಗ್ಗೆ 11 ಗಂಟೆಗೆ ನ್ಯಾಯಾಲಯದಲ್ಲಿ ಹಾಜರಾಗಬೇಕು. ತಪ್ಪಿದಲ್ಲಿ ಏಕಪಕ್ಷೀಯವಾಗಿ ವಿಚಾರಣೆ ನಡೆಸಲಾಗುವುದು. ಈ ದಿನ ದಿನಾಂಕ 22-05-2025 ರಂದು ನನ್ನ ಕೈ ಸಹಿ ಹಾಗೂ ನ್ಯಾಯಾಲಯದ ಮೊಹರಿನೊಂದಿಗೆ ಕೊಡಲಾಗಿದೆ.
ಅರ್ಜಿದಾರರ ಪರ ವಕೀಲರು ಎಸ್.ವಿ.ಚಂದ್ರಶೇಖರ್ ವಕೀಲರು
ದಿನಾಂಕ : 22-05-2025
ನ್ಯಾಯಾಲಯದ ಆದೇಶದ ಮೇರೆಗೆ ಶಿರಸ್ತೇದಾರರು, ಮಾನ್ಯ 3ನೇ ಹೆಚ್ಚುವರಿ ಜಿಲ್ಲಾ ಮತ್ತು ಸತ್ರ ನ್ಯಾಯಾಲಯ, ಶಿವಮೊಗ್ಗ
Hosadigantha kannada daily Printed & Published by P.S. Prakash on behalf of Jnanabharathi Prakashana Limited. Printed at Digantha Mudrana, New Thirthahalli Road, Shivamogga - 577201
and Published at 'Madhura Nilaya', 4th Cross, Durgigudi, Park Extension, Shivamogga 577202. Ph: (08182) 401752, 8861209076. Editor : P.S. Prakash, Group Editor : Vinayak S. Bhat.
